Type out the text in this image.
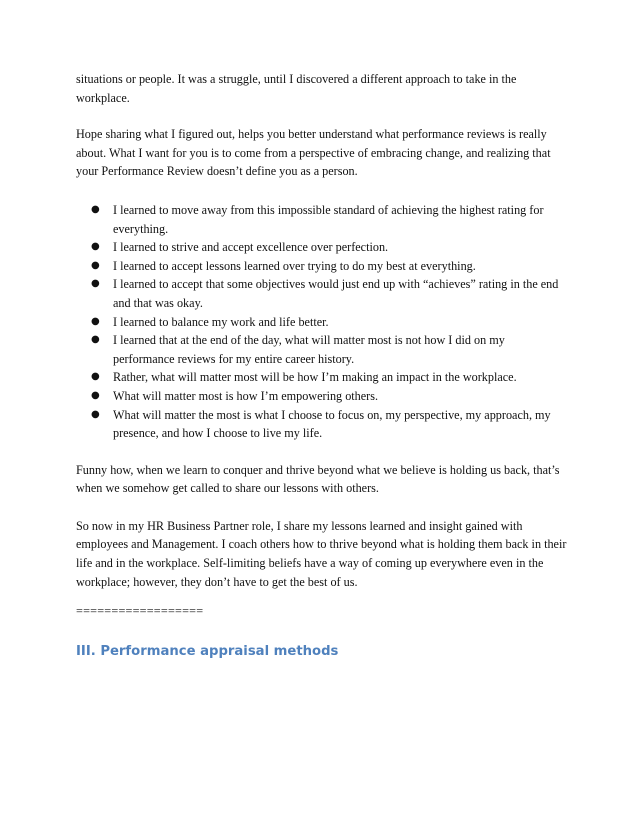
situations or people. It was a struggle, until I discovered a different approach to take in the workplace.

Hope sharing what I figured out, helps you better understand what performance reviews is really about. What I want for you is to come from a perspective of embracing change, and realizing that your Performance Review doesn’t define you as a person.

● I learned to move away from this impossible standard of achieving the highest rating for everything.
● I learned to strive and accept excellence over perfection.
● I learned to accept lessons learned over trying to do my best at everything.
● I learned to accept that some objectives would just end up with “achieves” rating in the end and that was okay.
● I learned to balance my work and life better.
● I learned that at the end of the day, what will matter most is not how I did on my performance reviews for my entire career history.
● Rather, what will matter most will be how I’m making an impact in the workplace.
● What will matter most is how I’m empowering others.
● What will matter the most is what I choose to focus on, my perspective, my approach, my presence, and how I choose to live my life.

Funny how, when we learn to conquer and thrive beyond what we believe is holding us back, that’s when we somehow get called to share our lessons with others.

So now in my HR Business Partner role, I share my lessons learned and insight gained with employees and Management. I coach others how to thrive beyond what is holding them back in their life and in the workplace. Self-limiting beliefs have a way of coming up everywhere even in the workplace; however, they don’t have to get the best of us.

==================

III. Performance appraisal methods
